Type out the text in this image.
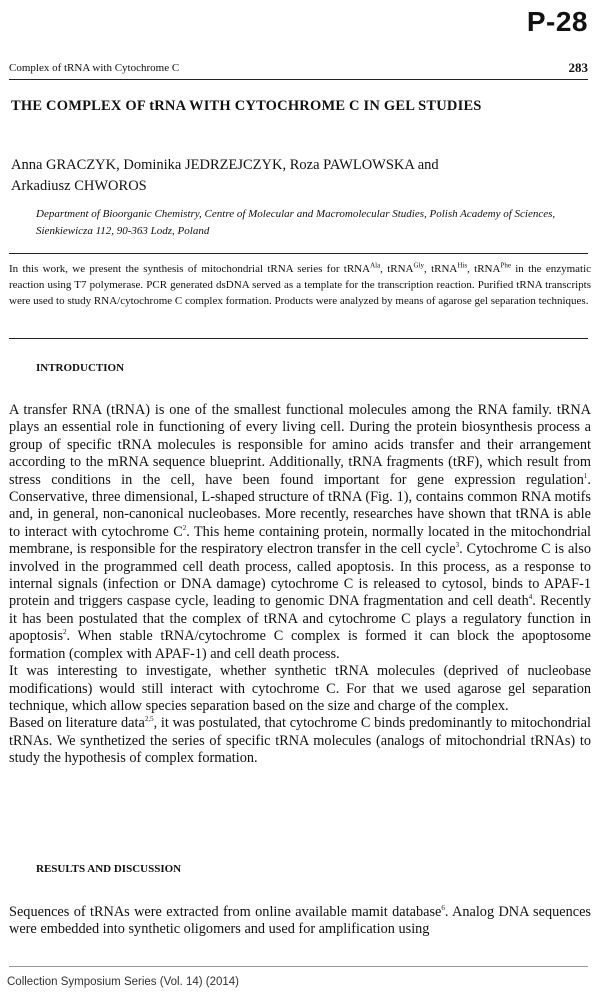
P-28
Complex of tRNA with Cytochrome C	283
THE COMPLEX OF tRNA WITH CYTOCHROME C IN GEL STUDIES
Anna GRACZYK, Dominika JEDRZEJCZYK, Roza PAWLOWSKA and
Arkadiusz CHWOROS
Department of Bioorganic Chemistry, Centre of Molecular and Macromolecular Studies, Polish Academy of Sciences,
Sienkiewicza 112, 90-363 Lodz, Poland
In this work, we present the synthesis of mitochondrial tRNA series for tRNA$^{Ala}$, tRNA$^{Gly}$, tRNA$^{His}$, tRNA$^{Phe}$ in the enzymatic reaction using T7 polymerase. PCR generated dsDNA served as a template for the transcription reaction. Purified tRNA transcripts were used to study RNA/cytochrome C complex formation. Products were analyzed by means of agarose gel separation techniques.
INTRODUCTION

A transfer RNA (tRNA) is one of the smallest functional molecules among the RNA family. tRNA plays an essential role in functioning of every living cell. During the protein biosynthesis process a group of specific tRNA molecules is responsible for amino acids transfer and their arrangement according to the mRNA sequence blueprint. Additionally, tRNA fragments (tRF), which result from stress conditions in the cell, have been found important for gene expression regulation$^1$. Conservative, three dimensional, L-shaped structure of tRNA (Fig. 1), contains common RNA motifs and, in general, non-canonical nucleobases. More recently, researches have shown that tRNA is able to interact with cytochrome $C^2$. This heme containing protein, normally located in the mitochondrial membrane, is responsible for the respiratory electron transfer in the cell cycle$^3$. Cytochrome C is also involved in the programmed cell death process, called apoptosis. In this process, as a response to internal signals (infection or DNA damage) cytochrome C is released to cytosol, binds to APAF-1 protein and triggers caspase cycle, leading to genomic DNA fragmentation and cell death$^4$. Recently it has been postulated that the complex of tRNA and cytochrome C plays a regulatory function in apoptosis$^2$. When stable tRNA/cytochrome C complex is formed it can block the apoptosome formation (complex with APAF-1) and cell death process.

It was interesting to investigate, whether synthetic tRNA molecules (deprived of nucleobase modifications) would still interact with cytochrome C. For that we used agarose gel separation technique, which allow species separation based on the size and charge of the complex.

Based on literature data$^{2,5}$, it was postulated, that cytochrome C binds predominantly to mitochondrial tRNAs. We synthetized the series of specific tRNA molecules (analogs of mitochondrial tRNAs) to study the hypothesis of complex formation.

RESULTS AND DISCUSSION

Sequences of tRNAs were extracted from online available mamit database$^6$. Analog DNA sequences were embedded into synthetic oligomers and used for amplification using

Collection Symposium Series (Vol. 14) (2014)
